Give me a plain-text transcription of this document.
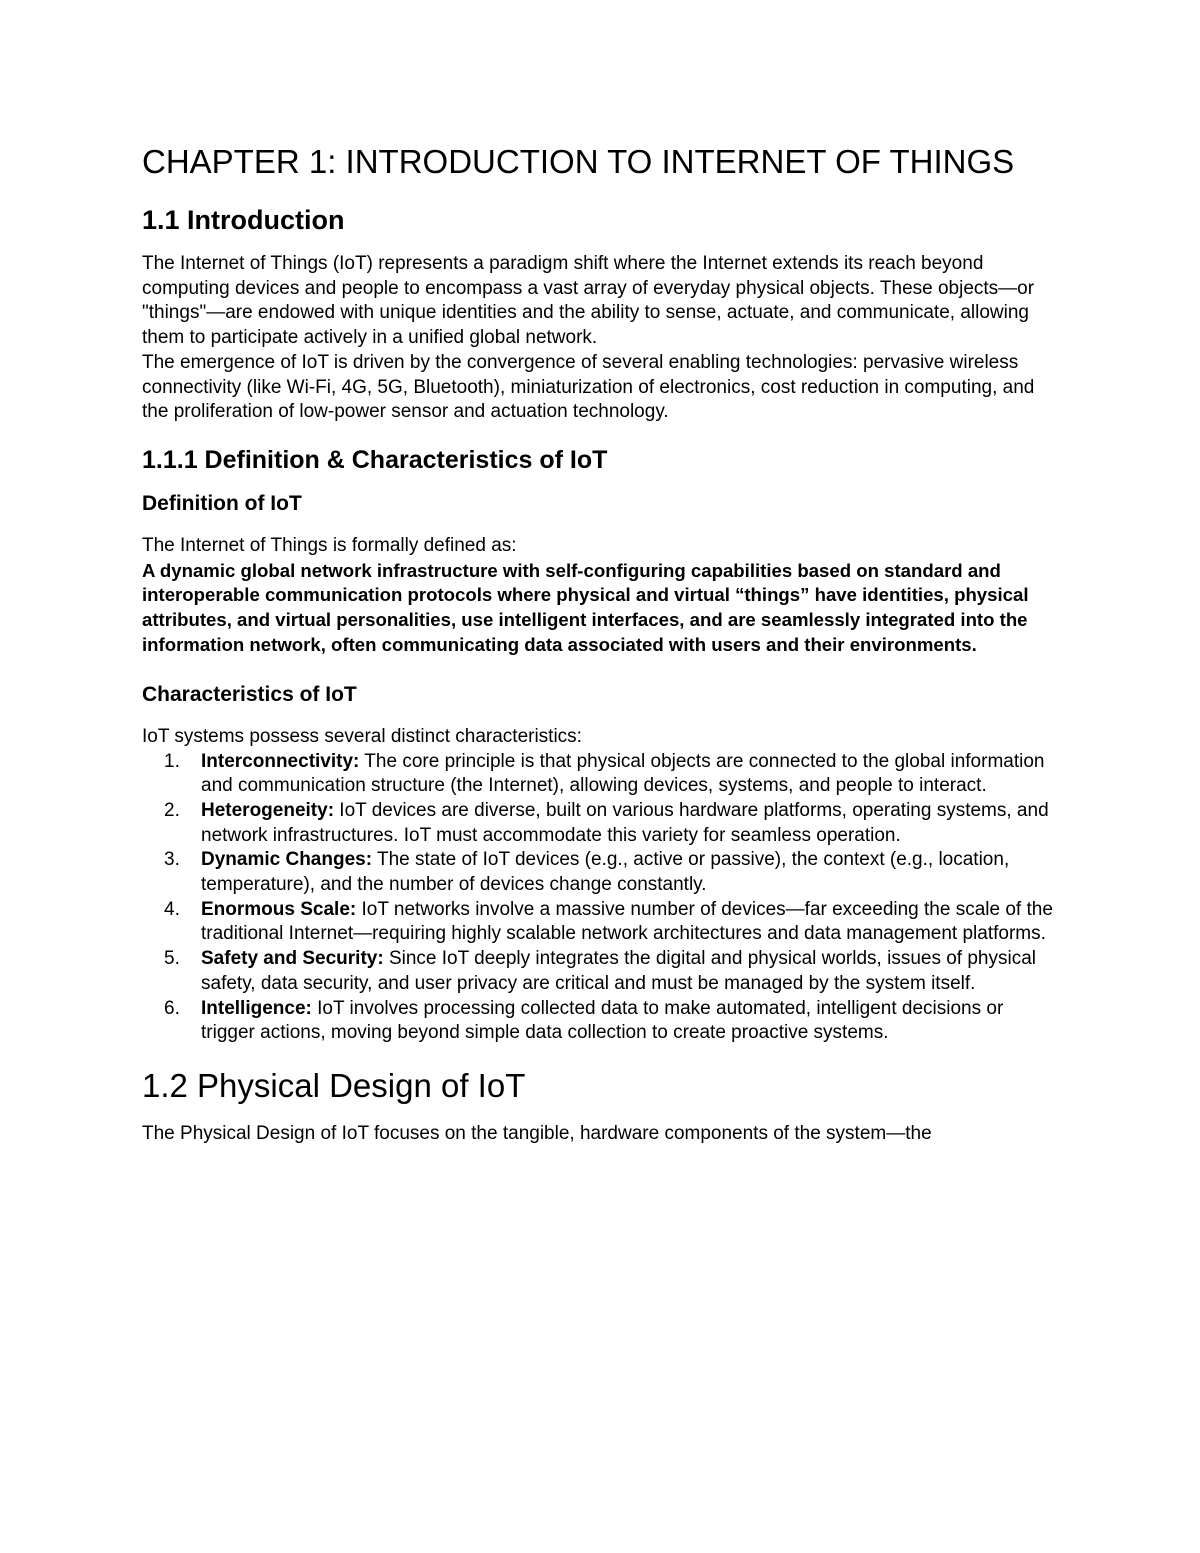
CHAPTER 1: INTRODUCTION TO INTERNET OF THINGS
1.1 Introduction

The Internet of Things (IoT) represents a paradigm shift where the Internet extends its reach beyond computing devices and people to encompass a vast array of everyday physical objects. These objects—or "things"—are endowed with unique identities and the ability to sense, actuate, and communicate, allowing them to participate actively in a unified global network.

The emergence of IoT is driven by the convergence of several enabling technologies: pervasive wireless connectivity (like Wi-Fi, 4G, 5G, Bluetooth), miniaturization of electronics, cost reduction in computing, and the proliferation of low-power sensor and actuation technology.

1.1.1 Definition & Characteristics of IoT
Definition of IoT

The Internet of Things is formally defined as:

A dynamic global network infrastructure with self-configuring capabilities based on standard and interoperable communication protocols where physical and virtual “things” have identities, physical attributes, and virtual personalities, use intelligent interfaces, and are seamlessly integrated into the information network, often communicating data associated with users and their environments.

Characteristics of IoT

IoT systems possess several distinct characteristics:

1. Interconnectivity: The core principle is that physical objects are connected to the global information and communication structure (the Internet), allowing devices, systems, and people to interact.
2. Heterogeneity: IoT devices are diverse, built on various hardware platforms, operating systems, and network infrastructures. IoT must accommodate this variety for seamless operation.
3. Dynamic Changes: The state of IoT devices (e.g., active or passive), the context (e.g., location, temperature), and the number of devices change constantly.
4. Enormous Scale: IoT networks involve a massive number of devices—far exceeding the scale of the traditional Internet—requiring highly scalable network architectures and data management platforms.
5. Safety and Security: Since IoT deeply integrates the digital and physical worlds, issues of physical safety, data security, and user privacy are critical and must be managed by the system itself.
6. Intelligence: IoT involves processing collected data to make automated, intelligent decisions or trigger actions, moving beyond simple data collection to create proactive systems.
1.2 Physical Design of IoT

The Physical Design of IoT focuses on the tangible, hardware components of the system—the
